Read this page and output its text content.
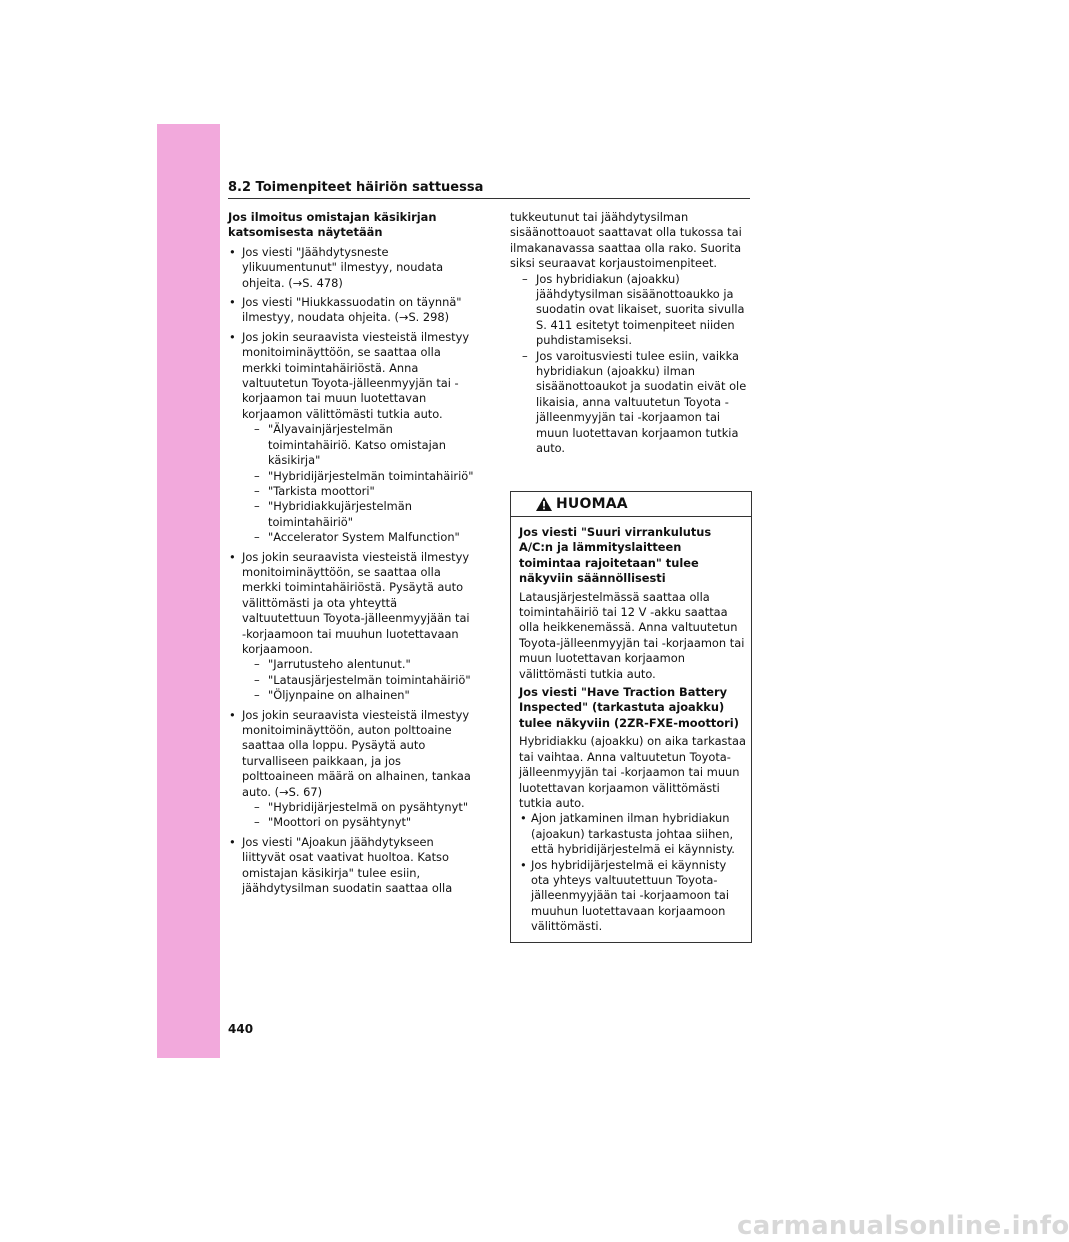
8.2 Toimenpiteet häiriön sattuessa
Jos ilmoitus omistajan käsikirjan katsomisesta näytetään
• Jos viesti "Jäähdytysneste ylikuumentunut" ilmestyy, noudata ohjeita. (→S. 478)
• Jos viesti "Hiukkassuodatin on täynnä" ilmestyy, noudata ohjeita. (→S. 298)
• Jos jokin seuraavista viesteistä ilmestyy monitoiminäyttöön, se saattaa olla merkki toimintahäiriöstä. Anna valtuutetun Toyota-jälleenmyyjän tai -korjaamon tai muun luotettavan korjaamon välittömästi tutkia auto.
– "Älyavainjärjestelmän toimintahäiriö. Katso omistajan käsikirja"
– "Hybridijärjestelmän toimintahäiriö"
– "Tarkista moottori"
– "Hybridiakkujärjestelmän toimintahäiriö"
– "Accelerator System Malfunction"
• Jos jokin seuraavista viesteistä ilmestyy monitoiminäyttöön, se saattaa olla merkki toimintahäiriöstä. Pysäytä auto välittömästi ja ota yhteyttä valtuutettuun Toyota-jälleenmyyjään tai -korjaamoon tai muuhun luotettavaan korjaamoon.
– "Jarrutusteho alentunut."
– "Latausjärjestelmän toimintahäiriö"
– "Öljynpaine on alhainen"
• Jos jokin seuraavista viesteistä ilmestyy monitoiminäyttöön, auton polttoaine saattaa olla loppu. Pysäytä auto turvalliseen paikkaan, ja jos polttoaineen määrä on alhainen, tankaa auto. (→S. 67)
– "Hybridijärjestelmä on pysähtynyt"
– "Moottori on pysähtynyt"
• Jos viesti "Ajoakun jäähdytykseen liittyvät osat vaativat huoltoa. Katso omistajan käsikirja" tulee esiin, jäähdytysilman suodatin saattaa olla

tukkeutunut tai jäähdytysilman sisäänottoauot saattavat olla tukossa tai ilmakanavassa saattaa olla rako. Suorita siksi seuraavat korjaustoimenpiteet.

– Jos hybridiakun (ajoakku) jäähdytysilman sisäänottoaukko ja suodatin ovat likaiset, suorita sivulla S. 411 esitetyt toimenpiteet niiden puhdistamiseksi.
– Jos varoitusviesti tulee esiin, vaikka hybridiakun (ajoakku) ilman sisäänottoaukot ja suodatin eivät ole likaisia, anna valtuutetun Toyota -jälleenmyyjän tai -korjaamon tai muun luotettavan korjaamon tutkia auto.
HUOMAA
Jos viesti "Suuri virrankulutus A/C:n ja lämmityslaitteen toimintaa rajoitetaan" tulee näkyviin säännöllisesti

Latausjärjestelmässä saattaa olla toimintahäiriö tai 12 V -akku saattaa olla heikkenemässä. Anna valtuutetun Toyota-jälleenmyyjän tai -korjaamon tai muun luotettavan korjaamon välittömästi tutkia auto.

Jos viesti "Have Traction Battery Inspected" (tarkastuta ajoakku) tulee näkyviin (2ZR-FXE-moottori)

Hybridiakku (ajoakku) on aika tarkastaa tai vaihtaa. Anna valtuutetun Toyota-jälleenmyyjän tai -korjaamon tai muun luotettavan korjaamon välittömästi tutkia auto.

• Ajon jatkaminen ilman hybridiakun (ajoakun) tarkastusta johtaa siihen, että hybridijärjestelmä ei käynnisty.
• Jos hybridijärjestelmä ei käynnisty ota yhteys valtuutettuun Toyota-jälleenmyyjään tai -korjaamoon tai muuhun luotettavaan korjaamoon välittömästi.
440
carmanualsonline.info
